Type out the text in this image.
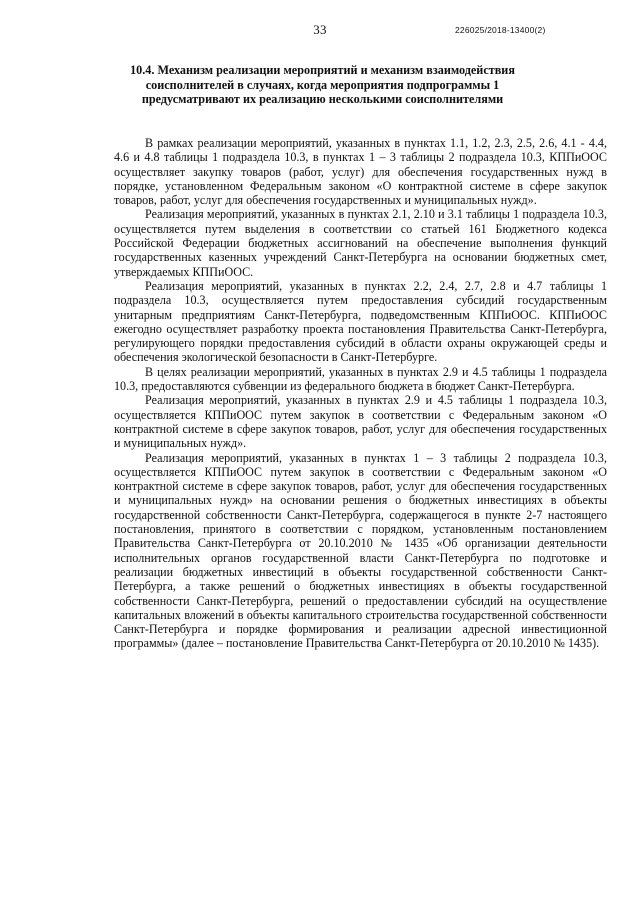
33	226025/2018-13400(2)
10.4. Механизм реализации мероприятий и механизм взаимодействия соисполнителей в случаях, когда мероприятия подпрограммы 1 предусматривают их реализацию несколькими соисполнителями

В рамках реализации мероприятий, указанных в пунктах 1.1, 1.2, 2.3, 2.5, 2.6, 4.1 - 4.4, 4.6 и 4.8 таблицы 1 подраздела 10.3, в пунктах 1 – 3 таблицы 2 подраздела 10.3, КППиООС осуществляет закупку товаров (работ, услуг) для обеспечения государственных нужд в порядке, установленном Федеральным законом «О контрактной системе в сфере закупок товаров, работ, услуг для обеспечения государственных и муниципальных нужд».

Реализация мероприятий, указанных в пунктах 2.1, 2.10 и 3.1 таблицы 1 подраздела 10.3, осуществляется путем выделения в соответствии со статьей 161 Бюджетного кодекса Российской Федерации бюджетных ассигнований на обеспечение выполнения функций государственных казенных учреждений Санкт-Петербурга на основании бюджетных смет, утверждаемых КППиООС.

Реализация мероприятий, указанных в пунктах 2.2, 2.4, 2.7, 2.8 и 4.7 таблицы 1 подраздела 10.3, осуществляется путем предоставления субсидий государственным унитарным предприятиям Санкт-Петербурга, подведомственным КППиООС. КППиООС ежегодно осуществляет разработку проекта постановления Правительства Санкт-Петербурга, регулирующего порядки предоставления субсидий в области охраны окружающей среды и обеспечения экологической безопасности в Санкт-Петербурге.

В целях реализации мероприятий, указанных в пунктах 2.9 и 4.5 таблицы 1 подраздела 10.3, предоставляются субвенции из федерального бюджета в бюджет Санкт-Петербурга.

Реализация мероприятий, указанных в пунктах 2.9 и 4.5 таблицы 1 подраздела 10.3, осуществляется КППиООС путем закупок в соответствии с Федеральным законом «О контрактной системе в сфере закупок товаров, работ, услуг для обеспечения государственных и муниципальных нужд».

Реализация мероприятий, указанных в пунктах 1 – 3 таблицы 2 подраздела 10.3, осуществляется КППиООС путем закупок в соответствии с Федеральным законом «О контрактной системе в сфере закупок товаров, работ, услуг для обеспечения государственных и муниципальных нужд» на основании решения о бюджетных инвестициях в объекты государственной собственности Санкт-Петербурга, содержащегося в пункте 2-7 настоящего постановления, принятого в соответствии с порядком, установленным постановлением Правительства Санкт-Петербурга от 20.10.2010 № 1435 «Об организации деятельности исполнительных органов государственной власти Санкт-Петербурга по подготовке и реализации бюджетных инвестиций в объекты государственной собственности Санкт-Петербурга, а также решений о бюджетных инвестициях в объекты государственной собственности Санкт-Петербурга, решений о предоставлении субсидий на осуществление капитальных вложений в объекты капитального строительства государственной собственности Санкт-Петербурга и порядке формирования и реализации адресной инвестиционной программы» (далее – постановление Правительства Санкт-Петербурга от 20.10.2010 № 1435).
